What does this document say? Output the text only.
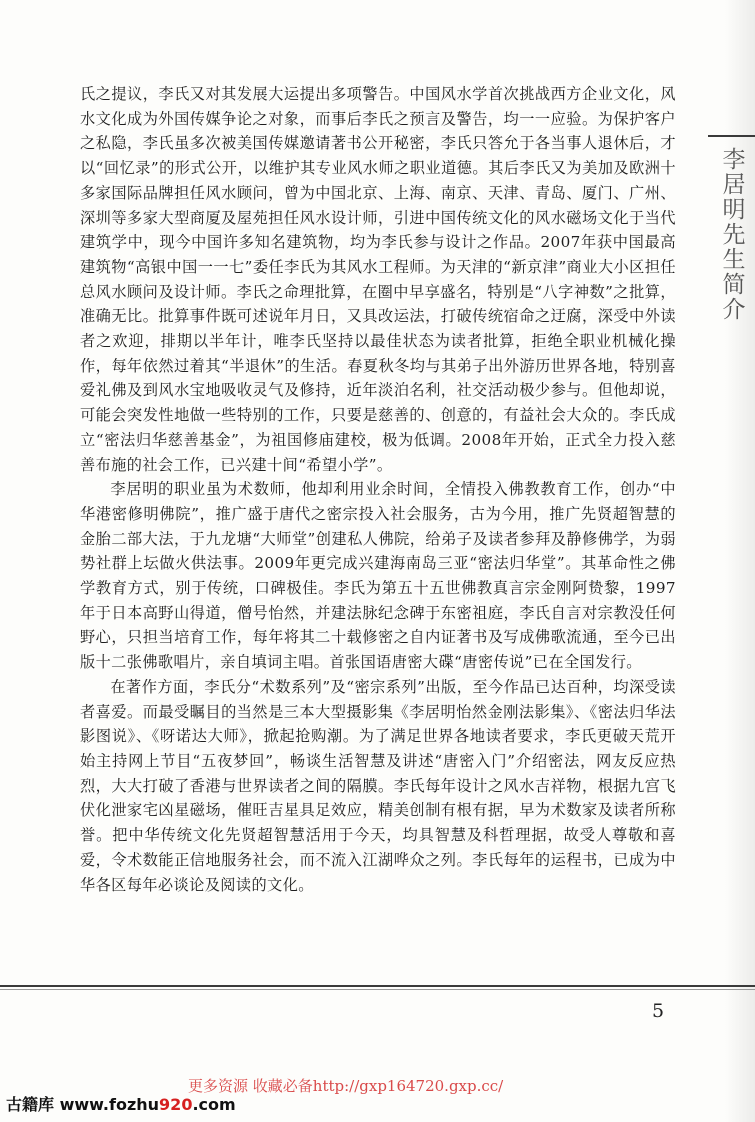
李
居
明
先
生
简
介

氏之提议，李氏又对其发展大运提出多项警告。中国风水学首次挑战西方企业文化，风水文化成为外国传媒争论之对象，而事后李氏之预言及警告，均一一应验。为保护客户之私隐，李氏虽多次被美国传媒邀请著书公开秘密，李氏只答允于各当事人退休后，才以“回忆录”的形式公开，以维护其专业风水师之职业道德。其后李氏又为美加及欧洲十多家国际品牌担任风水顾问，曾为中国北京、上海、南京、天津、青岛、厦门、广州、深圳等多家大型商厦及屋苑担任风水设计师，引进中国传统文化的风水磁场文化于当代建筑学中，现今中国许多知名建筑物，均为李氏参与设计之作品。2007年获中国最高建筑物“高银中国一一七”委任李氏为其风水工程师。为天津的“新京津”商业大小区担任总风水顾问及设计师。李氏之命理批算，在圈中早享盛名，特别是“八字神数”之批算，准确无比。批算事件既可述说年月日，又具改运法，打破传统宿命之迂腐，深受中外读者之欢迎，排期以半年计，唯李氏坚持以最佳状态为读者批算，拒绝全职业机械化操作，每年依然过着其“半退休”的生活。春夏秋冬均与其弟子出外游历世界各地，特别喜爱礼佛及到风水宝地吸收灵气及修持，近年淡泊名利，社交活动极少参与。但他却说，可能会突发性地做一些特别的工作，只要是慈善的、创意的，有益社会大众的。李氏成立“密法归华慈善基金”，为祖国修庙建校，极为低调。2008年开始，正式全力投入慈善布施的社会工作，已兴建十间“希望小学”。

李居明的职业虽为术数师，他却利用业余时间，全情投入佛教教育工作，创办“中华港密修明佛院”，推广盛于唐代之密宗投入社会服务，古为今用，推广先贤超智慧的金胎二部大法，于九龙塘“大师堂”创建私人佛院，给弟子及读者参拜及静修佛学，为弱势社群上坛做火供法事。2009年更完成兴建海南岛三亚“密法归华堂”。其革命性之佛学教育方式，别于传统，口碑极佳。李氏为第五十五世佛教真言宗金刚阿贽黎，1997年于日本高野山得道，僧号怡然，并建法脉纪念碑于东密祖庭，李氏自言对宗教没任何野心，只担当培育工作，每年将其二十载修密之自内证著书及写成佛歌流通，至今已出版十二张佛歌唱片，亲自填词主唱。首张国语唐密大碟“唐密传说”已在全国发行。

在著作方面，李氏分“术数系列”及“密宗系列”出版，至今作品已达百种，均深受读者喜爱。而最受瞩目的当然是三本大型摄影集《李居明怡然金刚法影集》、《密法归华法影图说》、《呀诺达大师》，掀起抢购潮。为了满足世界各地读者要求，李氏更破天荒开始主持网上节目“五夜梦回”，畅谈生活智慧及讲述“唐密入门”介绍密法，网友反应热烈，大大打破了香港与世界读者之间的隔膜。李氏每年设计之风水吉祥物，根据九宫飞伏化泄家宅凶星磁场，催旺吉星具足效应，精美创制有根有据，早为术数家及读者所称誉。把中华传统文化先贤超智慧活用于今天，均具智慧及科哲理据，故受人尊敬和喜爱，令术数能正信地服务社会，而不流入江湖哗众之列。李氏每年的运程书，已成为中华各区每年必谈论及阅读的文化。

5
更多资源 收藏必备http://gxp164720.gxp.cc/
古籍库 www.fozhu920.com
